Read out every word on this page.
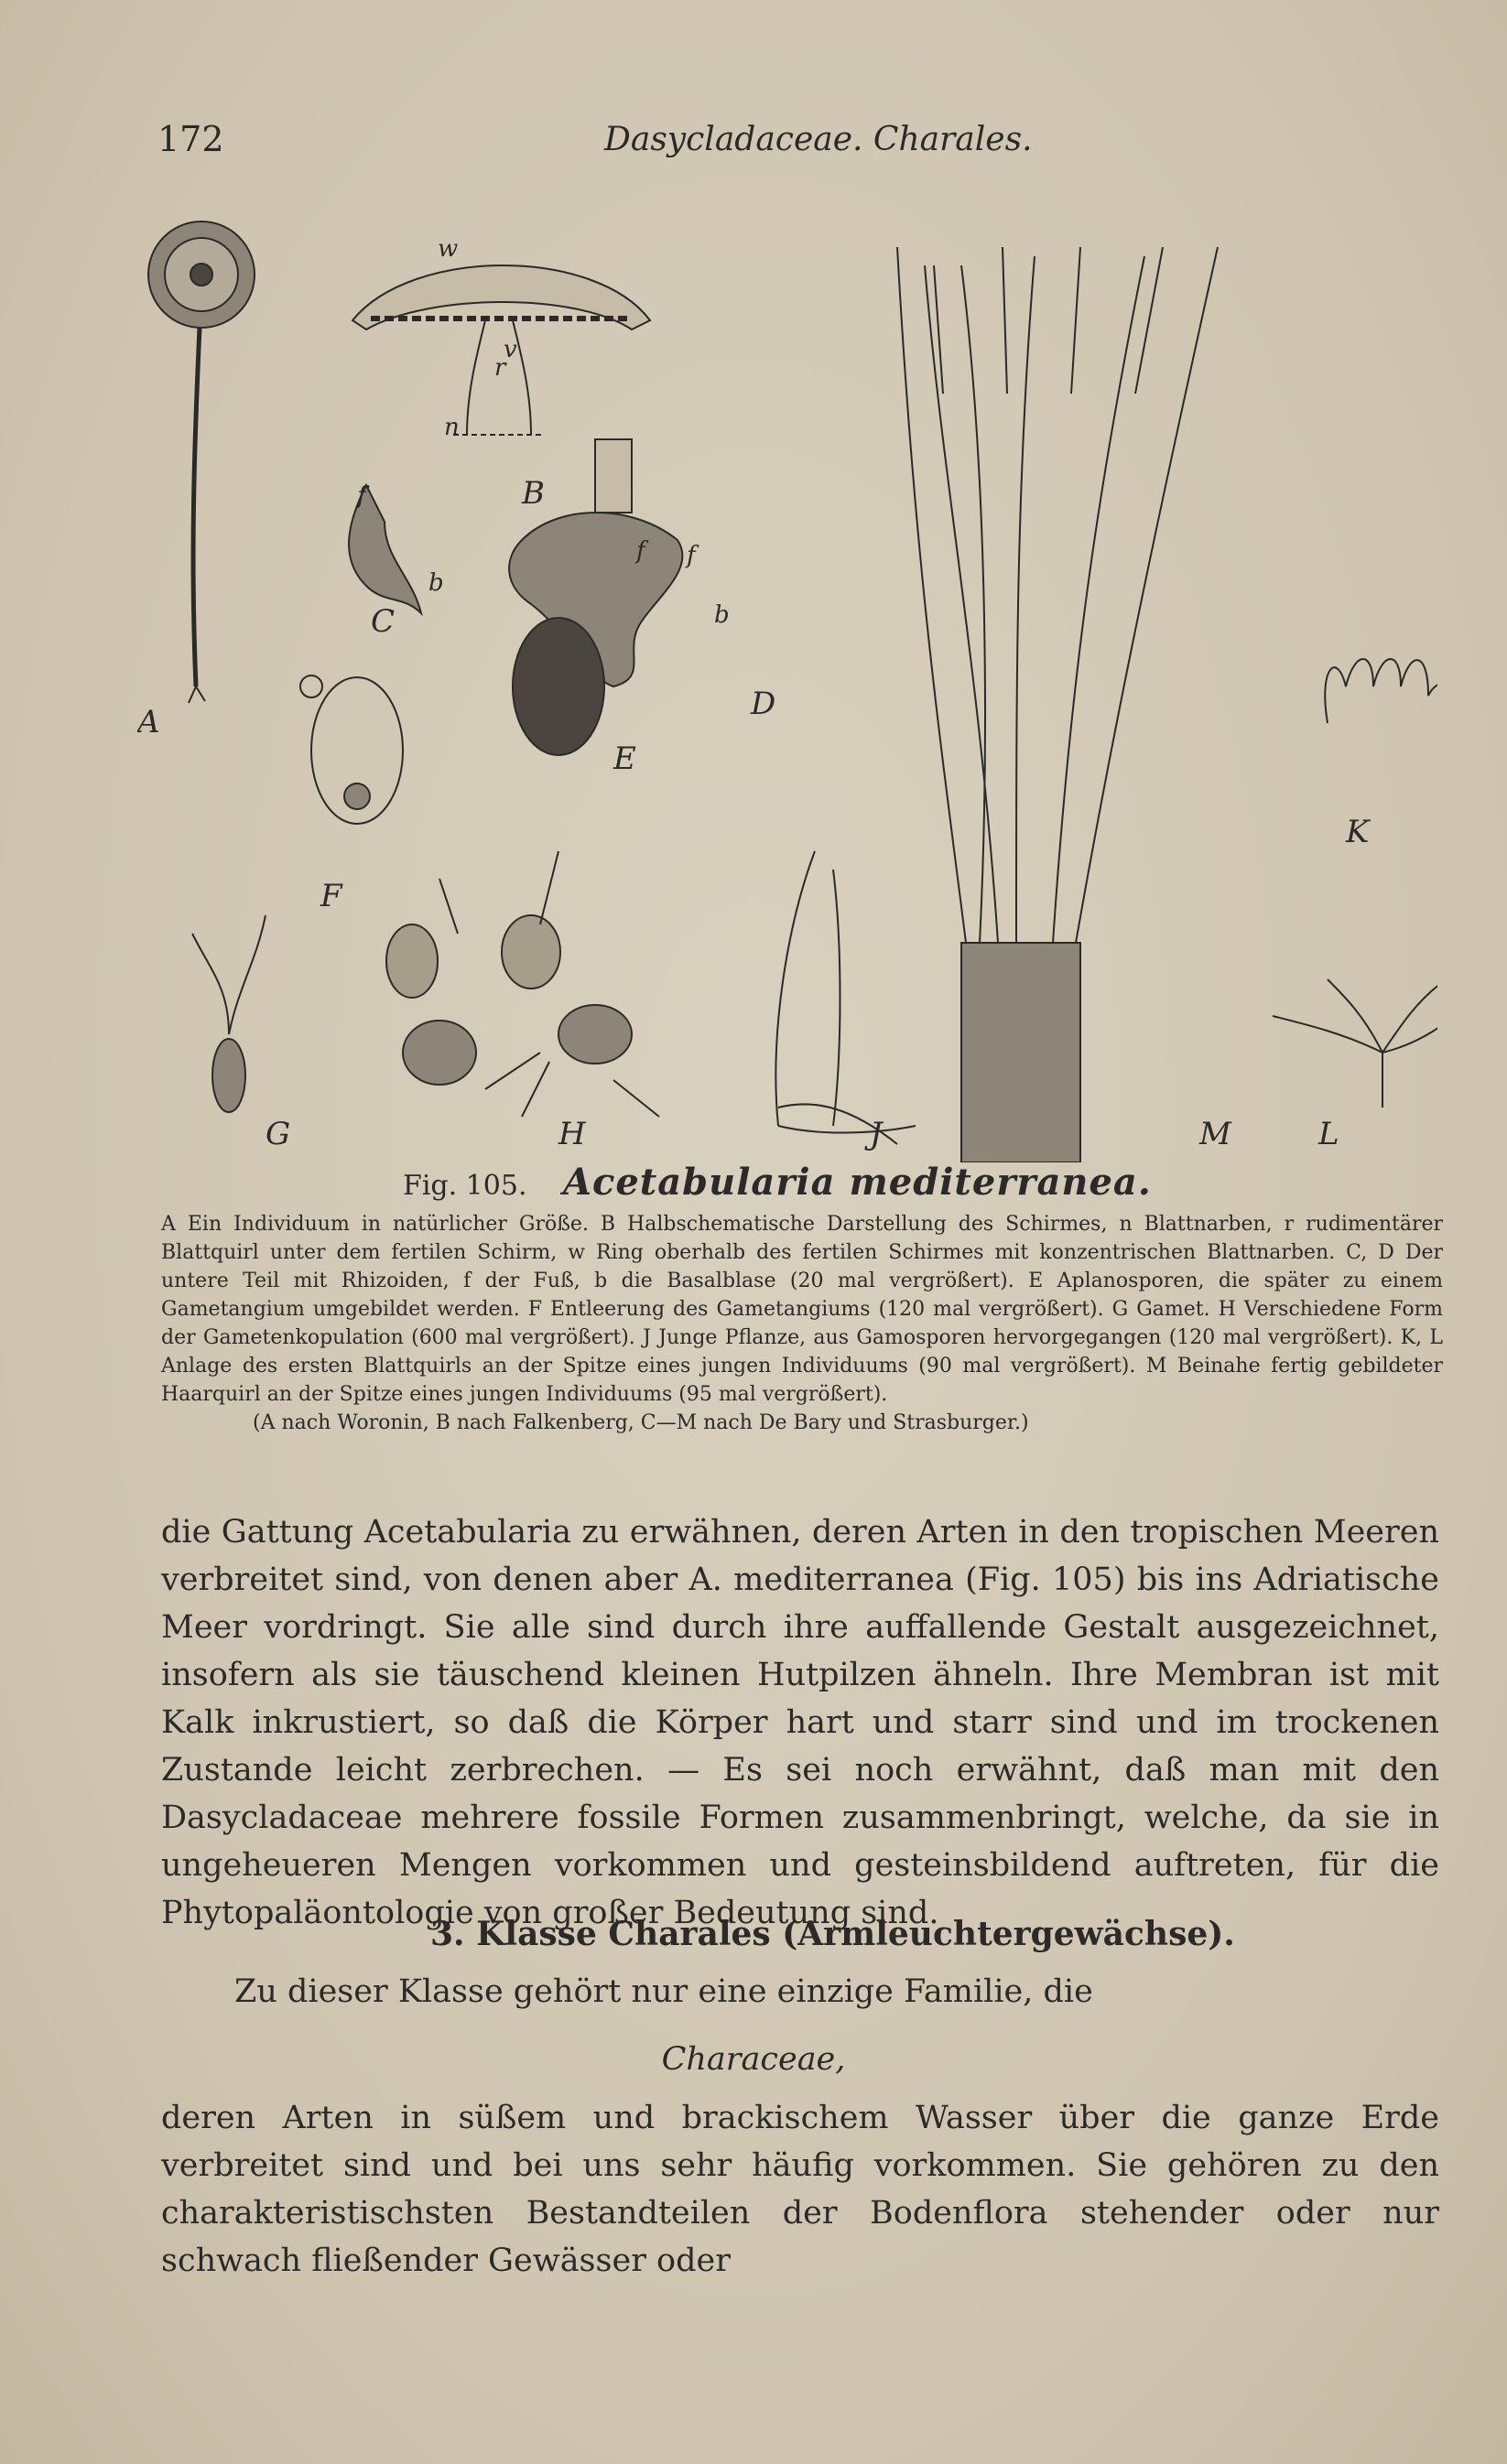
172	Dasycladaceae. Charales.
A
B
C
D
E
F
G	H	J
K
L
M
w
v
r
n
f
b
f f
b
Fig. 105. Acetabularia mediterranea.
A Ein Individuum in natürlicher Größe. B Halbschematische Darstellung des Schirmes, n Blattnarben, r rudimentärer Blattquirl unter dem fertilen Schirm, w Ring oberhalb des fertilen Schirmes mit konzentrischen Blattnarben. C, D Der untere Teil mit Rhizoiden, f der Fuß, b die Basalblase (20 mal vergrößert). E Aplanosporen, die später zu einem Gametangium umgebildet werden. F Entleerung des Gametangiums (120 mal vergrößert). G Gamet. H Verschiedene Form der Gametenkopulation (600 mal vergrößert). J Junge Pflanze, aus Gamosporen hervorgegangen (120 mal vergrößert). K, L Anlage des ersten Blattquirls an der Spitze eines jungen Individuums (90 mal vergrößert). M Beinahe fertig gebildeter Haarquirl an der Spitze eines jungen Individuums (95 mal vergrößert).
(A nach Woronin, B nach Falkenberg, C—M nach De Bary und Strasburger.)
die Gattung Acetabularia zu erwähnen, deren Arten in den tropischen Meeren verbreitet sind, von denen aber A. mediterranea (Fig. 105) bis ins Adriatische Meer vordringt. Sie alle sind durch ihre auffallende Gestalt ausgezeichnet, insofern als sie täuschend kleinen Hutpilzen ähneln. Ihre Membran ist mit Kalk inkrustiert, so daß die Körper hart und starr sind und im trockenen Zustande leicht zerbrechen. — Es sei noch erwähnt, daß man mit den Dasycladaceae mehrere fossile Formen zusammenbringt, welche, da sie in ungeheueren Mengen vorkommen und gesteinsbildend auftreten, für die Phytopaläontologie von großer Bedeutung sind.
3. Klasse Charales (Armleuchtergewächse).
Zu dieser Klasse gehört nur eine einzige Familie, die
Characeae,
deren Arten in süßem und brackischem Wasser über die ganze Erde verbreitet sind und bei uns sehr häufig vorkommen. Sie gehören zu den charakteristischsten Bestandteilen der Bodenflora stehender oder nur schwach fließender Gewässer oder
